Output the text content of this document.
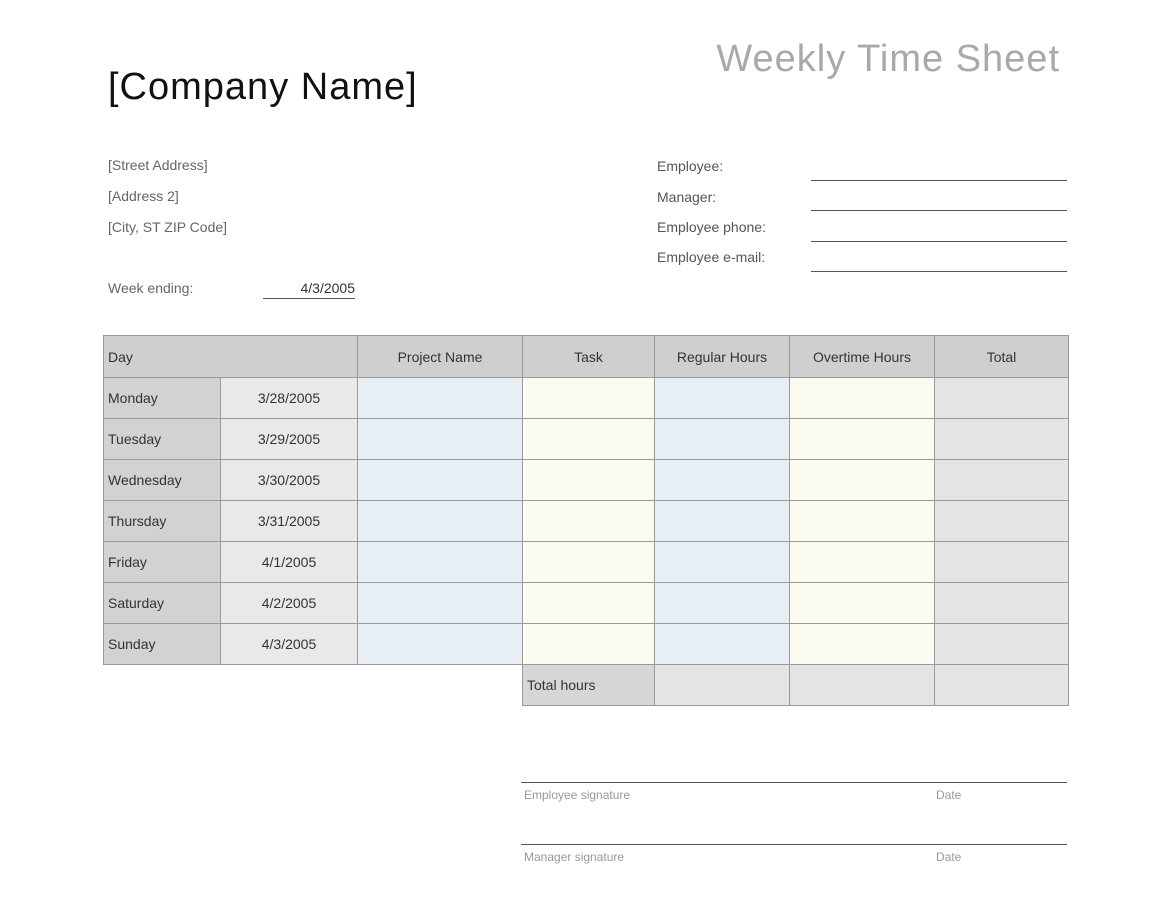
[Company Name]
Weekly Time Sheet
[Street Address]
[Address 2]
[City, ST ZIP Code]
Week ending:	4/3/2005
Employee:
Manager:
Employee phone:
Employee e-mail:
Day		Project Name	Task	Regular Hours	Overtime Hours	Total
Monday	3/28/2005					
Tuesday	3/29/2005					
Wednesday	3/30/2005					
Thursday	3/31/2005					
Friday	4/1/2005					
Saturday	4/2/2005					
Sunday	4/3/2005					
			Total hours			
Employee signature	Date
Manager signature	Date
